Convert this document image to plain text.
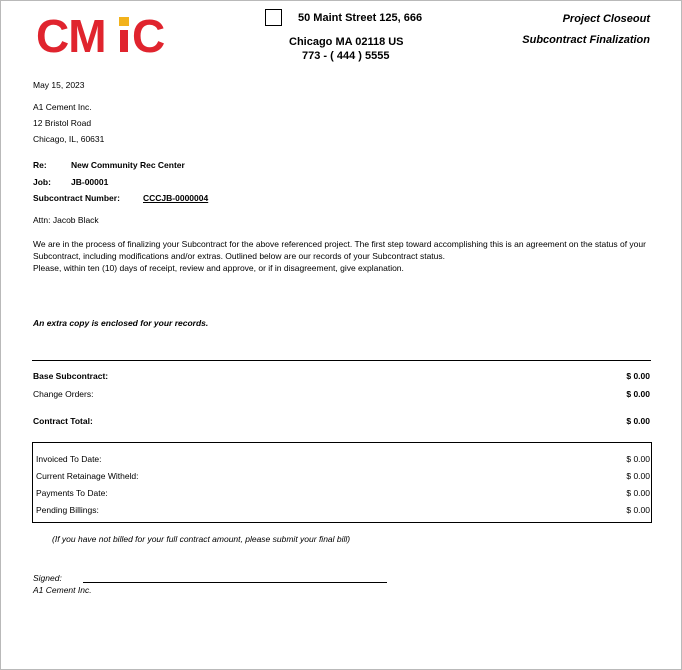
CM C	50 Maint Street 125, 666
Chicago MA 02118 US
773 - ( 444 ) 5555
Project Closeout
Subcontract Finalization
May 15, 2023
A1 Cement Inc.
12 Bristol Road
Chicago, IL, 60631
Re:	New Community Rec Center
Job: JB-00001
Subcontract Number:	CCCJB-0000004
Attn: Jacob Black
We are in the process of finalizing your Subcontract for the above referenced project. The first step toward accomplishing this is an agreement on the status of your Subcontract, including modifications and/or extras. Outlined below are our records of your Subcontract status.
Please, within ten (10) days of receipt, review and approve, or if in disagreement, give explanation.
An extra copy is enclosed for your records.
Base Subcontract:	$ 0.00
Change Orders:	$ 0.00
Contract Total:	$ 0.00
Invoiced To Date:	$ 0.00
Current Retainage Witheld:	$ 0.00
Payments To Date:	$ 0.00
Pending Billings:	$ 0.00
(If you have not billed for your full contract amount, please submit your final bill)
Signed:
A1 Cement Inc.
